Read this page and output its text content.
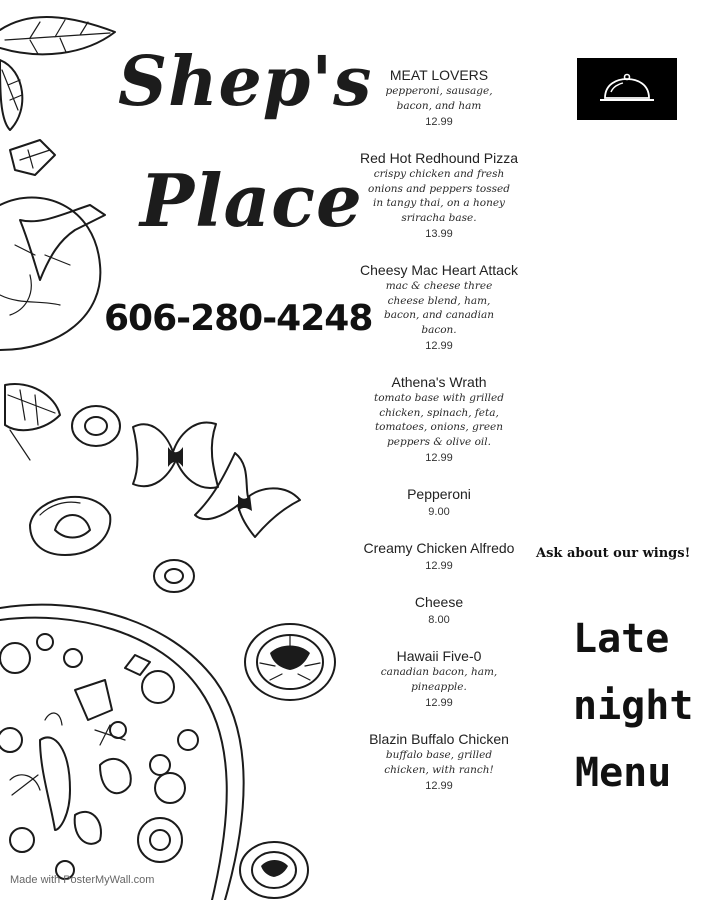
Shep's
Place
606-280-4248
MEAT LOVERS
pepperoni, sausage, bacon, and ham
12.99
Red Hot Redhound Pizza
crispy chicken and fresh onions and peppers tossed in tangy thai, on a honey sriracha base.
13.99
Cheesy Mac Heart Attack
mac & cheese three cheese blend, ham, bacon, and canadian bacon.
12.99
Athena's Wrath
tomato base with grilled chicken, spinach, feta, tomatoes, onions, green peppers & olive oil.
12.99
Pepperoni
9.00
Creamy Chicken Alfredo
12.99
Cheese
8.00
Hawaii Five-0
canadian bacon, ham, pineapple.
12.99
Blazin Buffalo Chicken
buffalo base, grilled chicken, with ranch!
12.99
Ask about our wings!
Late
night
Menu
Made with PosterMyWall.com
